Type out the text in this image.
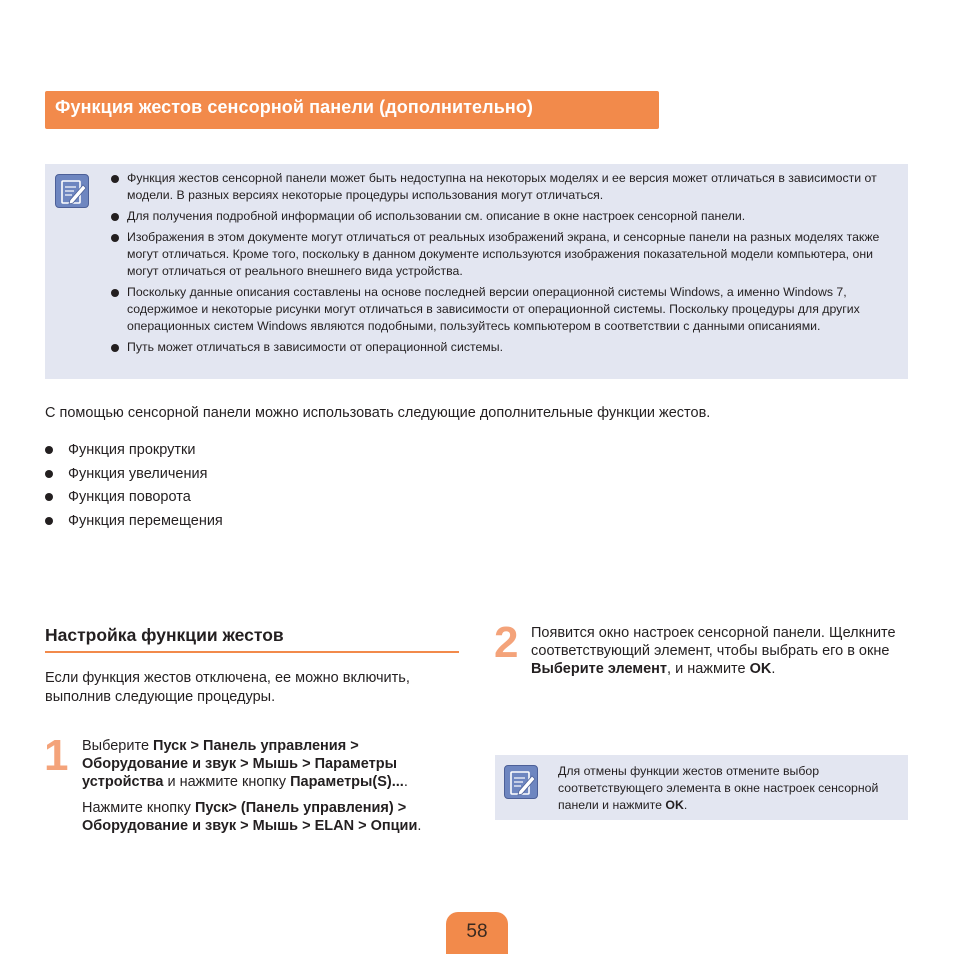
Функция жестов сенсорной панели (дополнительно)
Функция жестов сенсорной панели может быть недоступна на некоторых моделях и ее версия может отличаться в зависимости от модели. В разных версиях некоторые процедуры использования могут отличаться.
Для получения подробной информации об использовании см. описание в окне настроек сенсорной панели.
Изображения в этом документе могут отличаться от реальных изображений экрана, и сенсорные панели на разных моделях также могут отличаться. Кроме того, поскольку в данном документе используются изображения показательной модели компьютера, они могут отличаться от реального внешнего вида устройства.
Поскольку данные описания составлены на основе последней версии операционной системы Windows, а именно Windows 7, содержимое и некоторые рисунки могут отличаться в зависимости от операционной системы. Поскольку процедуры для других операционных систем Windows являются подобными, пользуйтесь компьютером в соответствии с данными описаниями.
Путь может отличаться в зависимости от операционной системы.
С помощью сенсорной панели можно использовать следующие дополнительные функции жестов.
Функция прокрутки
Функция увеличения
Функция поворота
Функция перемещения
Настройка функции жестов
Если функция жестов отключена, ее можно включить, выполнив следующие процедуры.
1 Выберите Пуск > Панель управления > Оборудование и звук > Мышь > Параметры устройства и нажмите кнопку Параметры(S)....

Нажмите кнопку Пуск> (Панель управления) > Оборудование и звук > Мышь > ELAN > Опции.

2 Появится окно настроек сенсорной панели. Щелкните соответствующий элемент, чтобы выбрать его в окне Выберите элемент, и нажмите OK.

Для отмены функции жестов отмените выбор соответствующего элемента в окне настроек сенсорной панели и нажмите OK.
58
